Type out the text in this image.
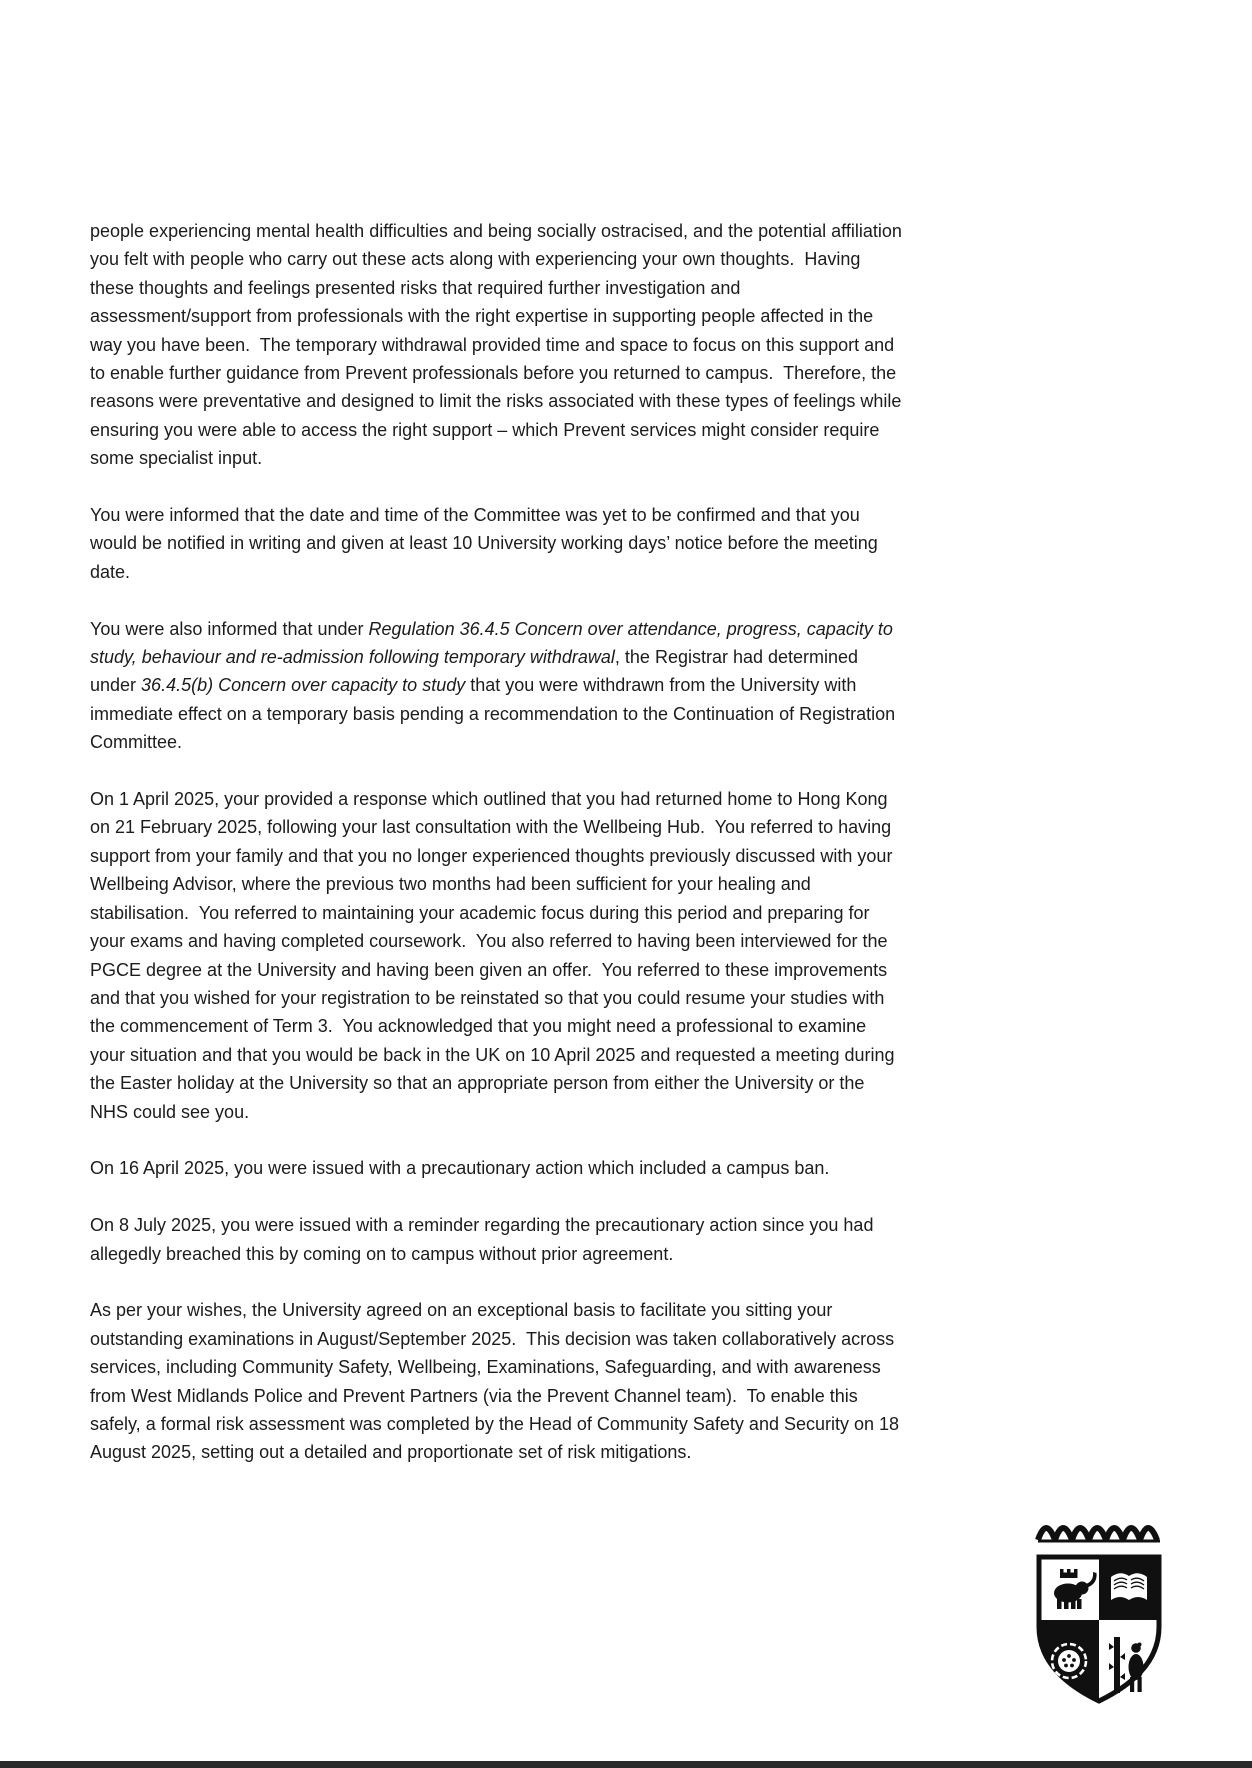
people experiencing mental health difficulties and being socially ostracised, and the potential affiliation you felt with people who carry out these acts along with experiencing your own thoughts.  Having these thoughts and feelings presented risks that required further investigation and assessment/support from professionals with the right expertise in supporting people affected in the way you have been.  The temporary withdrawal provided time and space to focus on this support and to enable further guidance from Prevent professionals before you returned to campus.  Therefore, the reasons were preventative and designed to limit the risks associated with these types of feelings while ensuring you were able to access the right support – which Prevent services might consider require some specialist input.

You were informed that the date and time of the Committee was yet to be confirmed and that you would be notified in writing and given at least 10 University working days’ notice before the meeting date.

You were also informed that under Regulation 36.4.5 Concern over attendance, progress, capacity to study, behaviour and re-admission following temporary withdrawal, the Registrar had determined under 36.4.5(b) Concern over capacity to study that you were withdrawn from the University with immediate effect on a temporary basis pending a recommendation to the Continuation of Registration Committee.

On 1 April 2025, your provided a response which outlined that you had returned home to Hong Kong on 21 February 2025, following your last consultation with the Wellbeing Hub.  You referred to having support from your family and that you no longer experienced thoughts previously discussed with your Wellbeing Advisor, where the previous two months had been sufficient for your healing and stabilisation.  You referred to maintaining your academic focus during this period and preparing for your exams and having completed coursework.  You also referred to having been interviewed for the PGCE degree at the University and having been given an offer.  You referred to these improvements and that you wished for your registration to be reinstated so that you could resume your studies with the commencement of Term 3.  You acknowledged that you might need a professional to examine your situation and that you would be back in the UK on 10 April 2025 and requested a meeting during the Easter holiday at the University so that an appropriate person from either the University or the NHS could see you.

On 16 April 2025, you were issued with a precautionary action which included a campus ban.

On 8 July 2025, you were issued with a reminder regarding the precautionary action since you had allegedly breached this by coming on to campus without prior agreement.

As per your wishes, the University agreed on an exceptional basis to facilitate you sitting your outstanding examinations in August/September 2025.  This decision was taken collaboratively across services, including Community Safety, Wellbeing, Examinations, Safeguarding, and with awareness from West Midlands Police and Prevent Partners (via the Prevent Channel team).  To enable this safely, a formal risk assessment was completed by the Head of Community Safety and Security on 18 August 2025, setting out a detailed and proportionate set of risk mitigations.
